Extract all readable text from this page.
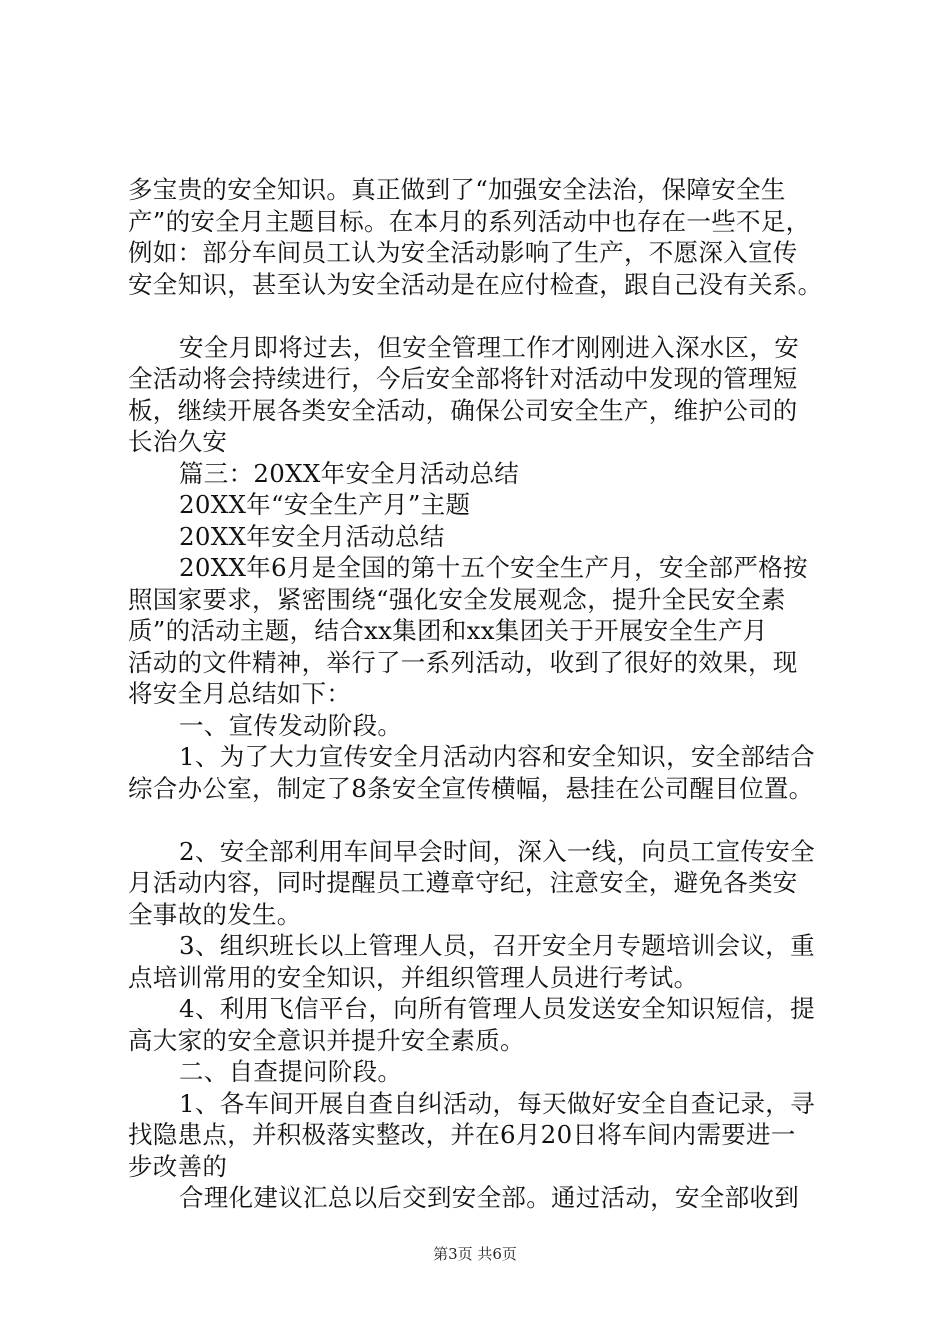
多宝贵的安全知识。真正做到了“加强安全法治，保障安全生
产”的安全月主题目标。在本月的系列活动中也存在一些不足，
例如：部分车间员工认为安全活动影响了生产，不愿深入宣传
安全知识，甚至认为安全活动是在应付检查，跟自己没有关系。
安全月即将过去，但安全管理工作才刚刚进入深水区，安
全活动将会持续进行，今后安全部将针对活动中发现的管理短
板，继续开展各类安全活动，确保公司安全生产，维护公司的
长治久安
篇三：20XX年安全月活动总结
20XX年“安全生产月”主题
20XX年安全月活动总结
20XX年6月是全国的第十五个安全生产月，安全部严格按
照国家要求，紧密围绕“强化安全发展观念，提升全民安全素
质”的活动主题，结合xx集团和xx集团关于开展安全生产月
活动的文件精神，举行了一系列活动，收到了很好的效果，现
将安全月总结如下：
一、宣传发动阶段。
1、为了大力宣传安全月活动内容和安全知识，安全部结合
综合办公室，制定了8条安全宣传横幅，悬挂在公司醒目位置。
2、安全部利用车间早会时间，深入一线，向员工宣传安全
月活动内容，同时提醒员工遵章守纪，注意安全，避免各类安
全事故的发生。
3、组织班长以上管理人员，召开安全月专题培训会议，重
点培训常用的安全知识，并组织管理人员进行考试。
4、利用飞信平台，向所有管理人员发送安全知识短信，提
高大家的安全意识并提升安全素质。
二、自查提问阶段。
1、各车间开展自查自纠活动，每天做好安全自查记录，寻
找隐患点，并积极落实整改，并在6月20日将车间内需要进一
步改善的
合理化建议汇总以后交到安全部。通过活动，安全部收到
第3页 共6页
